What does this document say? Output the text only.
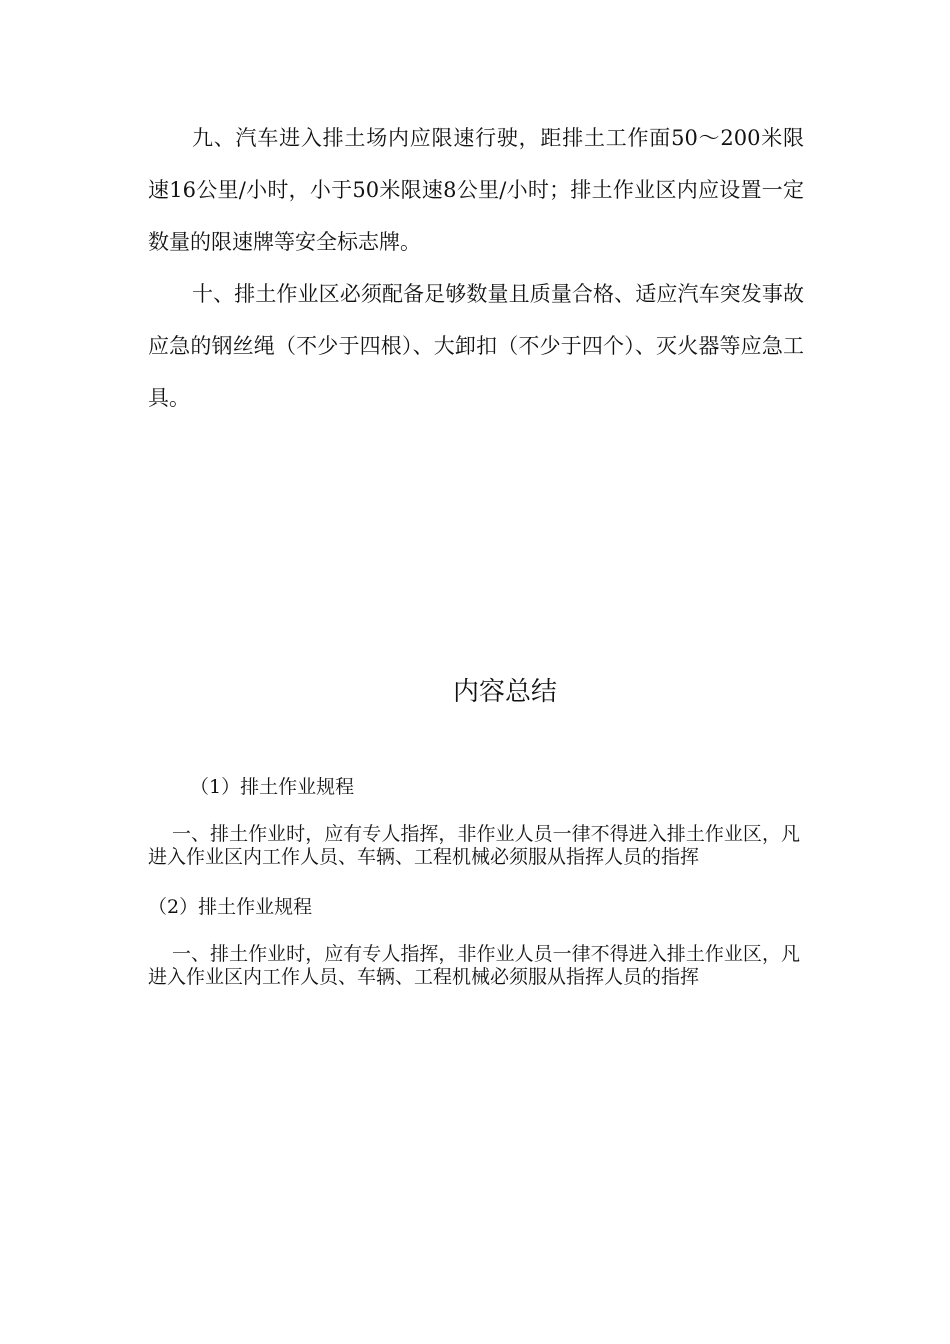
九、汽车进入排土场内应限速行驶，距排土工作面50～200米限速16公里/小时，小于50米限速8公里/小时；排土作业区内应设置一定数量的限速牌等安全标志牌。

十、排土作业区必须配备足够数量且质量合格、适应汽车突发事故应急的钢丝绳（不少于四根）、大卸扣（不少于四个）、灭火器等应急工具。

内容总结
（1）排土作业规程

一、排土作业时，应有专人指挥，非作业人员一律不得进入排土作业区，凡进入作业区内工作人员、车辆、工程机械必须服从指挥人员的指挥

（2）排土作业规程

一、排土作业时，应有专人指挥，非作业人员一律不得进入排土作业区，凡进入作业区内工作人员、车辆、工程机械必须服从指挥人员的指挥
